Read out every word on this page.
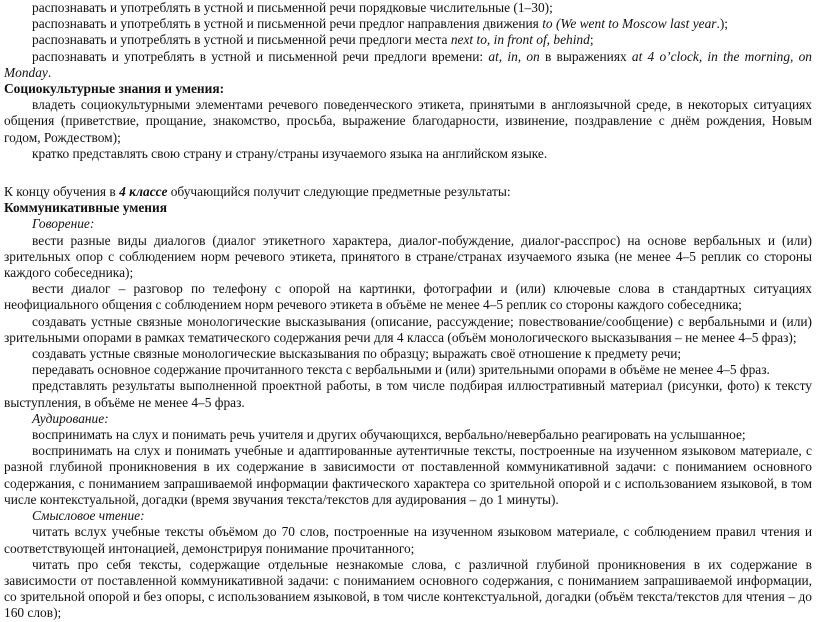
распознавать и употреблять в устной и письменной речи порядковые числительные (1–30);

распознавать и употреблять в устной и письменной речи предлог направления движения to (We went to Moscow last year.);

распознавать и употреблять в устной и письменной речи предлоги места next to, in front of, behind;

распознавать и употреблять в устной и письменной речи предлоги времени: at, in, on в выражениях at 4 o’clock, in the morning, on Monday.

Социокультурные знания и умения:

владеть социокультурными элементами речевого поведенческого этикета, принятыми в англоязычной среде, в некоторых ситуациях общения (приветствие, прощание, знакомство, просьба, выражение благодарности, извинение, поздравление с днём рождения, Новым годом, Рождеством);

кратко представлять свою страну и страну/страны изучаемого языка на английском языке.

К концу обучения в 4 классе обучающийся получит следующие предметные результаты:

Коммуникативные умения

Говорение:

вести разные виды диалогов (диалог этикетного характера, диалог-побуждение, диалог-расспрос) на основе вербальных и (или) зрительных опор с соблюдением норм речевого этикета, принятого в стране/странах изучаемого языка (не менее 4–5 реплик со стороны каждого собеседника);

вести диалог – разговор по телефону с опорой на картинки, фотографии и (или) ключевые слова в стандартных ситуациях неофициального общения с соблюдением норм речевого этикета в объёме не менее 4–5 реплик со стороны каждого собеседника;

создавать устные связные монологические высказывания (описание, рассуждение; повествование/сообщение) с вербальными и (или) зрительными опорами в рамках тематического содержания речи для 4 класса (объём монологического высказывания – не менее 4–5 фраз);

создавать устные связные монологические высказывания по образцу; выражать своё отношение к предмету речи;

передавать основное содержание прочитанного текста с вербальными и (или) зрительными опорами в объёме не менее 4–5 фраз.

представлять результаты выполненной проектной работы, в том числе подбирая иллюстративный материал (рисунки, фото) к тексту выступления, в объёме не менее 4–5 фраз.

Аудирование:

воспринимать на слух и понимать речь учителя и других обучающихся, вербально/невербально реагировать на услышанное;

воспринимать на слух и понимать учебные и адаптированные аутентичные тексты, построенные на изученном языковом материале, с разной глубиной проникновения в их содержание в зависимости от поставленной коммуникативной задачи: с пониманием основного содержания, с пониманием запрашиваемой информации фактического характера со зрительной опорой и с использованием языковой, в том числе контекстуальной, догадки (время звучания текста/текстов для аудирования – до 1 минуты).

Смысловое чтение:

читать вслух учебные тексты объёмом до 70 слов, построенные на изученном языковом материале, с соблюдением правил чтения и соответствующей интонацией, демонстрируя понимание прочитанного;

читать про себя тексты, содержащие отдельные незнакомые слова, с различной глубиной проникновения в их содержание в зависимости от поставленной коммуникативной задачи: с пониманием основного содержания, с пониманием запрашиваемой информации, со зрительной опорой и без опоры, с использованием языковой, в том числе контекстуальной, догадки (объём текста/текстов для чтения – до 160 слов);
